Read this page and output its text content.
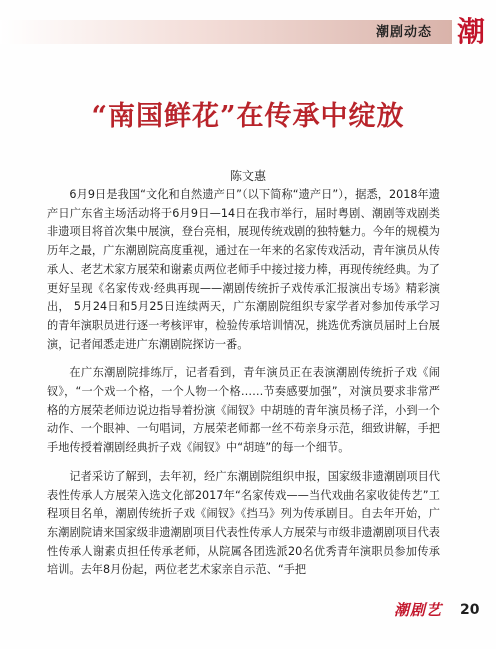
潮剧动态 潮
“南国鲜花”在传承中绽放
陈文惠

6月9日是我国“文化和自然遗产日”（以下简称“遗产日”），据悉，2018年遗产日广东省主场活动将于6月9日—14日在我市举行，届时粤剧、潮剧等戏剧类非遗项目将首次集中展演，登台亮相，展现传统戏剧的独特魅力。今年的规模为历年之最，广东潮剧院高度重视，通过在一年来的名家传戏活动，青年演员从传承人、老艺术家方展荣和谢素贞两位老师手中接过接力棒，再现传统经典。为了更好呈现《名家传戏·经典再现——潮剧传统折子戏传承汇报演出专场》精彩演出， 5月24日和5月25日连续两天，广东潮剧院组织专家学者对参加传承学习的青年演职员进行逐一考核评审，检验传承培训情况，挑选优秀演员届时上台展演，记者闻悉走进广东潮剧院探访一番。

在广东潮剧院排练厅，记者看到，青年演员正在表演潮剧传统折子戏《闹钗》，“一个戏一个格，一个人物一个格……节奏感要加强”，对演员要求非常严格的方展荣老师边说边指导着扮演《闹钗》中胡琏的青年演员杨子洋，小到一个动作、一个眼神、一句唱词，方展荣老师都一丝不苟亲身示范，细致讲解，手把手地传授着潮剧经典折子戏《闹钗》中“胡琏”的每一个细节。

记者采访了解到，去年初，经广东潮剧院组织申报，国家级非遗潮剧项目代表性传承人方展荣入选文化部2017年“名家传戏——当代戏曲名家收徒传艺”工程项目名单，潮剧传统折子戏《闹钗》《挡马》列为传承剧目。自去年开始，广东潮剧院请来国家级非遗潮剧项目代表性传承人方展荣与市级非遗潮剧项目代表性传承人谢素贞担任传承老师，从院属各团选派20名优秀青年演职员参加传承培训。去年8月份起，两位老艺术家亲自示范、“手把

潮剧艺	20
